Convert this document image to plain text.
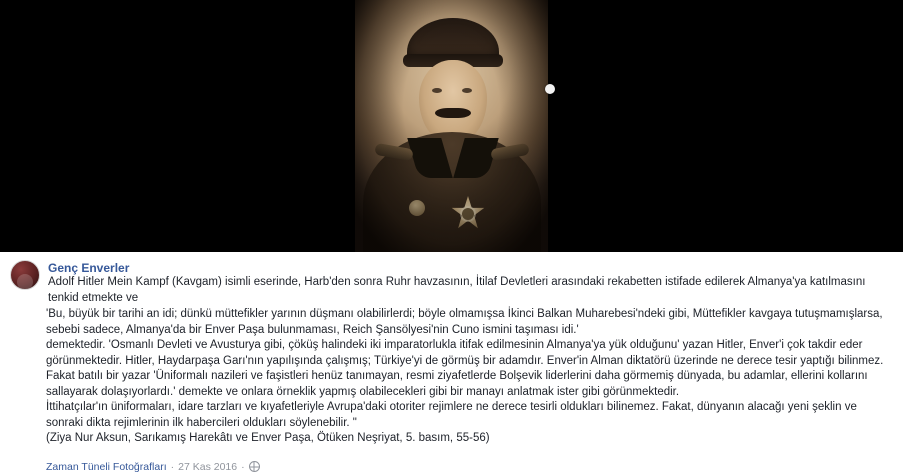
Genç Enverler

Adolf Hitler Mein Kampf (Kavgam) isimli eserinde, Harb'den sonra Ruhr havzasının, İtilaf Devletleri arasındaki rekabetten istifade edilerek Almanya'ya katılmasını tenkid etmekte ve

'Bu, büyük bir tarihi an idi; dünkü müttefikler yarının düşmanı olabilirlerdi; böyle olmamışsa İkinci Balkan Muharebesi'ndeki gibi, Müttefikler kavgaya tutuşmamışlarsa, sebebi sadece, Almanya'da bir Enver Paşa bulunmaması, Reich Şansölyesi'nin Cuno ismini taşıması idi.'

demektedir. 'Osmanlı Devleti ve Avusturya gibi, çöküş halindeki iki imparatorlukla itifak edilmesinin Almanya'ya yük olduğunu' yazan Hitler, Enver'i çok takdir eder görünmektedir. Hitler, Haydarpaşa Garı'nın yapılışında çalışmış; Türkiye'yi de görmüş bir adamdır. Enver'in Alman diktatörü üzerinde ne derece tesir yaptığı bilinmez. Fakat batılı bir yazar 'Üniformalı nazileri ve faşistleri henüz tanımayan, resmi ziyafetlerde Bolşevik liderlerini daha görmemiş dünyada, bu adamlar, ellerini kollarını sallayarak dolaşıyorlardı.' demekte ve onlara örneklik yapmış olabilecekleri gibi bir manayı anlatmak ister gibi görünmektedir.

İttihatçılar'ın üniformaları, idare tarzları ve kıyafetleriyle Avrupa'daki otoriter rejimlere ne derece tesirli oldukları bilinemez. Fakat, dünyanın alacağı yeni şeklin ve sonraki dikta rejimlerinin ilk habercileri oldukları söylenebilir. "

(Ziya Nur Aksun, Sarıkamış Harekâtı ve Enver Paşa, Ötüken Neşriyat, 5. basım, 55-56)

Zaman Tüneli Fotoğrafları · 27 Kas 2016 ·
